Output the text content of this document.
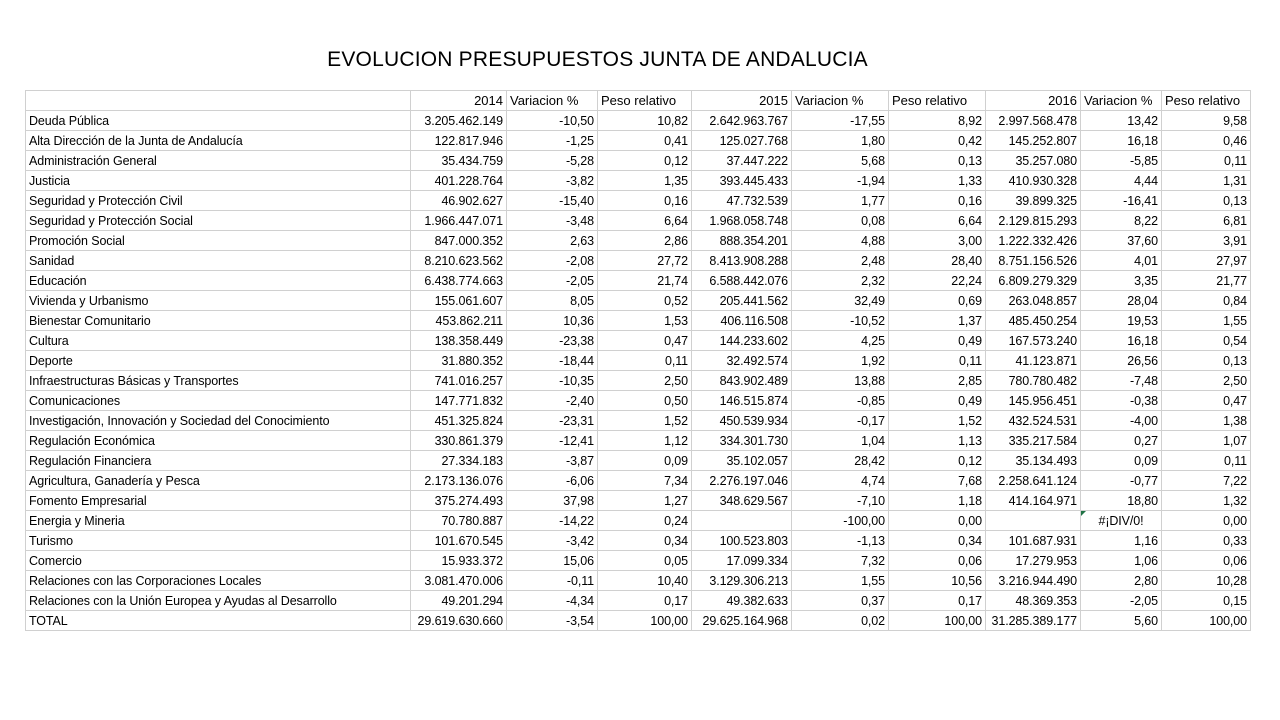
EVOLUCION PRESUPUESTOS JUNTA DE ANDALUCIA
	2014	Variacion %	Peso relativo	2015	Variacion %	Peso relativo	2016	Variacion %	Peso relativo
Deuda Pública	3.205.462.149	-10,50	10,82	2.642.963.767	-17,55	8,92	2.997.568.478	13,42	9,58
Alta Dirección de la Junta de Andalucía	122.817.946	-1,25	0,41	125.027.768	1,80	0,42	145.252.807	16,18	0,46
Administración General	35.434.759	-5,28	0,12	37.447.222	5,68	0,13	35.257.080	-5,85	0,11
Justicia	401.228.764	-3,82	1,35	393.445.433	-1,94	1,33	410.930.328	4,44	1,31
Seguridad y Protección Civil	46.902.627	-15,40	0,16	47.732.539	1,77	0,16	39.899.325	-16,41	0,13
Seguridad y Protección Social	1.966.447.071	-3,48	6,64	1.968.058.748	0,08	6,64	2.129.815.293	8,22	6,81
Promoción Social	847.000.352	2,63	2,86	888.354.201	4,88	3,00	1.222.332.426	37,60	3,91
Sanidad	8.210.623.562	-2,08	27,72	8.413.908.288	2,48	28,40	8.751.156.526	4,01	27,97
Educación	6.438.774.663	-2,05	21,74	6.588.442.076	2,32	22,24	6.809.279.329	3,35	21,77
Vivienda y Urbanismo	155.061.607	8,05	0,52	205.441.562	32,49	0,69	263.048.857	28,04	0,84
Bienestar Comunitario	453.862.211	10,36	1,53	406.116.508	-10,52	1,37	485.450.254	19,53	1,55
Cultura	138.358.449	-23,38	0,47	144.233.602	4,25	0,49	167.573.240	16,18	0,54
Deporte	31.880.352	-18,44	0,11	32.492.574	1,92	0,11	41.123.871	26,56	0,13
Infraestructuras Básicas y Transportes	741.016.257	-10,35	2,50	843.902.489	13,88	2,85	780.780.482	-7,48	2,50
Comunicaciones	147.771.832	-2,40	0,50	146.515.874	-0,85	0,49	145.956.451	-0,38	0,47
Investigación, Innovación y Sociedad del Conocimiento	451.325.824	-23,31	1,52	450.539.934	-0,17	1,52	432.524.531	-4,00	1,38
Regulación Económica	330.861.379	-12,41	1,12	334.301.730	1,04	1,13	335.217.584	0,27	1,07
Regulación Financiera	27.334.183	-3,87	0,09	35.102.057	28,42	0,12	35.134.493	0,09	0,11
Agricultura, Ganadería y Pesca	2.173.136.076	-6,06	7,34	2.276.197.046	4,74	7,68	2.258.641.124	-0,77	7,22
Fomento Empresarial	375.274.493	37,98	1,27	348.629.567	-7,10	1,18	414.164.971	18,80	1,32
Energia y Mineria	70.780.887	-14,22	0,24		-100,00	0,00		#¡DIV/0!	0,00
Turismo	101.670.545	-3,42	0,34	100.523.803	-1,13	0,34	101.687.931	1,16	0,33
Comercio	15.933.372	15,06	0,05	17.099.334	7,32	0,06	17.279.953	1,06	0,06
Relaciones con las Corporaciones Locales	3.081.470.006	-0,11	10,40	3.129.306.213	1,55	10,56	3.216.944.490	2,80	10,28
Relaciones con la Unión Europea y Ayudas al Desarrollo	49.201.294	-4,34	0,17	49.382.633	0,37	0,17	48.369.353	-2,05	0,15
TOTAL	29.619.630.660	-3,54	100,00	29.625.164.968	0,02	100,00	31.285.389.177	5,60	100,00
